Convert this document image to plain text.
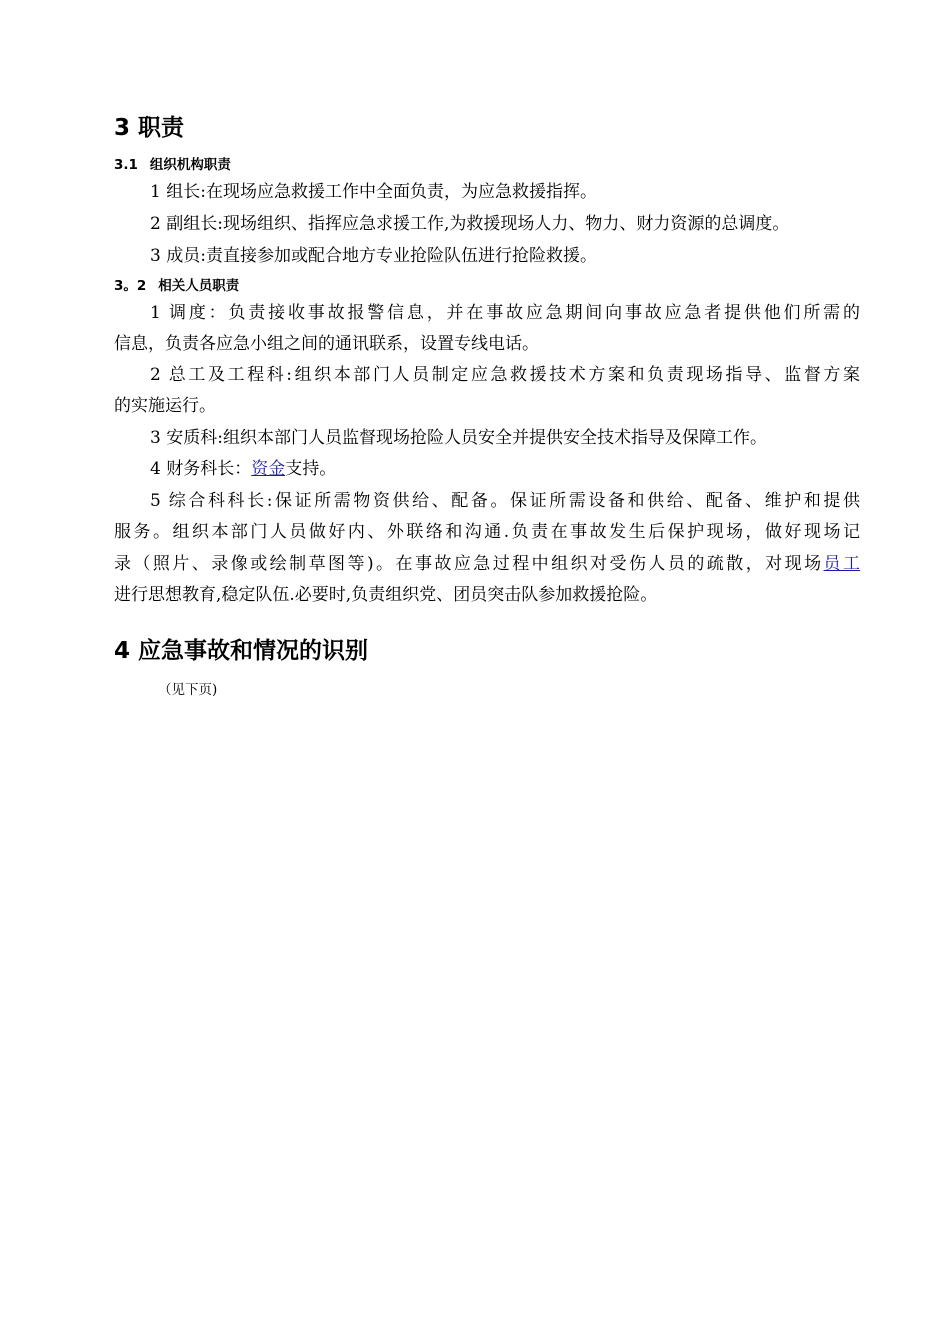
3 职责
3.1 组织机构职责
1 组长:在现场应急救援工作中全面负责，为应急救援指挥。
2 副组长:现场组织、指挥应急求援工作,为救援现场人力、物力、财力资源的总调度。
3 成员:责直接参加或配合地方专业抢险队伍进行抢险救援。
3。2 相关人员职责
1 调度：负责接收事故报警信息，并在事故应急期间向事故应急者提供他们所需的
信息，负责各应急小组之间的通讯联系，设置专线电话。
2 总工及工程科:组织本部门人员制定应急救援技术方案和负责现场指导、监督方案
的实施运行。
3 安质科:组织本部门人员监督现场抢险人员安全并提供安全技术指导及保障工作。
4 财务科长：资金支持。
5 综合科科长:保证所需物资供给、配备。保证所需设备和供给、配备、维护和提供
服务。组织本部门人员做好内、外联络和沟通.负责在事故发生后保护现场，做好现场记
录（照片、录像或绘制草图等)。在事故应急过程中组织对受伤人员的疏散，对现场员工
进行思想教育,稳定队伍.必要时,负责组织党、团员突击队参加救援抢险。
4 应急事故和情况的识别
（见下页)
